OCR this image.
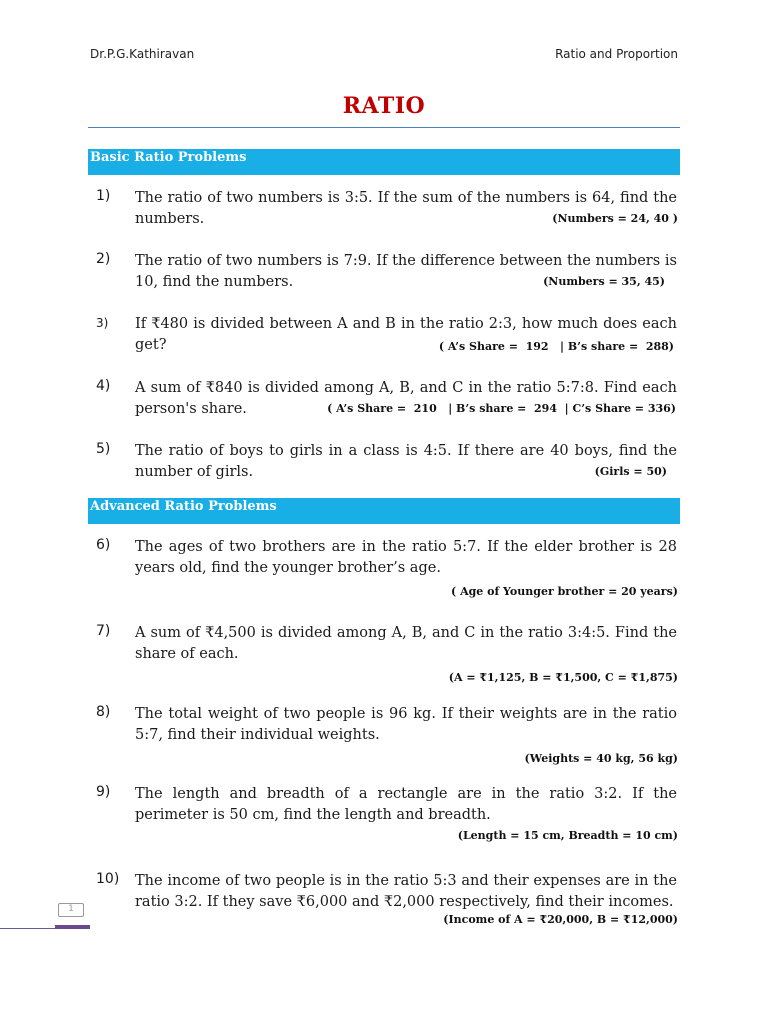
Dr.P.G.Kathiravan	Ratio and Proportion
RATIO
Basic Ratio Problems
1) The ratio of two numbers is 3:5. If the sum of the numbers is 64, find the numbers.	(Numbers = 24, 40 )
2) The ratio of two numbers is 7:9. If the difference between the numbers is 10, find the numbers.	(Numbers = 35, 45)
3) If ₹480 is divided between A and B in the ratio 2:3, how much does each get?	( A’s Share =  192   | B’s share =  288)
4) A sum of ₹840 is divided among A, B, and C in the ratio 5:7:8. Find each person's share.	( A’s Share =  210   | B’s share =  294  | C’s Share = 336)
5) The ratio of boys to girls in a class is 4:5. If there are 40 boys, find the number of girls.	(Girls = 50)
Advanced Ratio Problems
6) The ages of two brothers are in the ratio 5:7. If the elder brother is 28 years old, find the younger brother’s age.
( Age of Younger brother = 20 years)
7) A sum of ₹4,500 is divided among A, B, and C in the ratio 3:4:5. Find the share of each.
(A = ₹1,125, B = ₹1,500, C = ₹1,875)
8) The total weight of two people is 96 kg. If their weights are in the ratio 5:7, find their individual weights.
(Weights = 40 kg, 56 kg)
9) The length and breadth of a rectangle are in the ratio 3:2. If the perimeter is 50 cm, find the length and breadth.
(Length = 15 cm, Breadth = 10 cm)
10) The income of two people is in the ratio 5:3 and their expenses are in the ratio 3:2. If they save ₹6,000 and ₹2,000 respectively, find their incomes.
(Income of A = ₹20,000, B = ₹12,000)
1
